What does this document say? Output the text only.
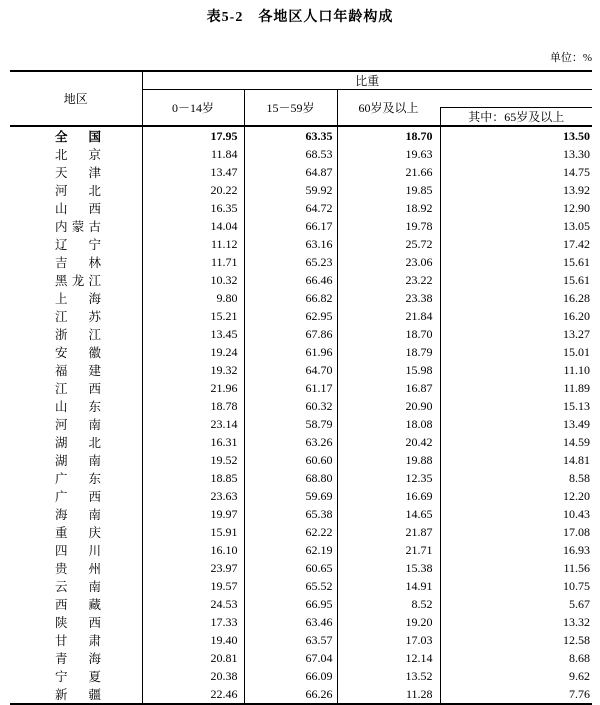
表5-2　各地区人口年龄构成
单位：%
地区	比重			
	0－14岁	15－59岁	60岁及以上	
				其中：65岁及以上
全　国	17.95	63.35	18.70	13.50
北　京	11.84	68.53	19.63	13.30
天　津	13.47	64.87	21.66	14.75
河　北	20.22	59.92	19.85	13.92
山　西	16.35	64.72	18.92	12.90
内蒙古	14.04	66.17	19.78	13.05
辽　宁	11.12	63.16	25.72	17.42
吉　林	11.71	65.23	23.06	15.61
黑龙江	10.32	66.46	23.22	15.61
上　海	9.80	66.82	23.38	16.28
江　苏	15.21	62.95	21.84	16.20
浙　江	13.45	67.86	18.70	13.27
安　徽	19.24	61.96	18.79	15.01
福　建	19.32	64.70	15.98	11.10
江　西	21.96	61.17	16.87	11.89
山　东	18.78	60.32	20.90	15.13
河　南	23.14	58.79	18.08	13.49
湖　北	16.31	63.26	20.42	14.59
湖　南	19.52	60.60	19.88	14.81
广　东	18.85	68.80	12.35	8.58
广　西	23.63	59.69	16.69	12.20
海　南	19.97	65.38	14.65	10.43
重　庆	15.91	62.22	21.87	17.08
四　川	16.10	62.19	21.71	16.93
贵　州	23.97	60.65	15.38	11.56
云　南	19.57	65.52	14.91	10.75
西　藏	24.53	66.95	8.52	5.67
陕　西	17.33	63.46	19.20	13.32
甘　肃	19.40	63.57	17.03	12.58
青　海	20.81	67.04	12.14	8.68
宁　夏	20.38	66.09	13.52	9.62
新　疆	22.46	66.26	11.28	7.76
